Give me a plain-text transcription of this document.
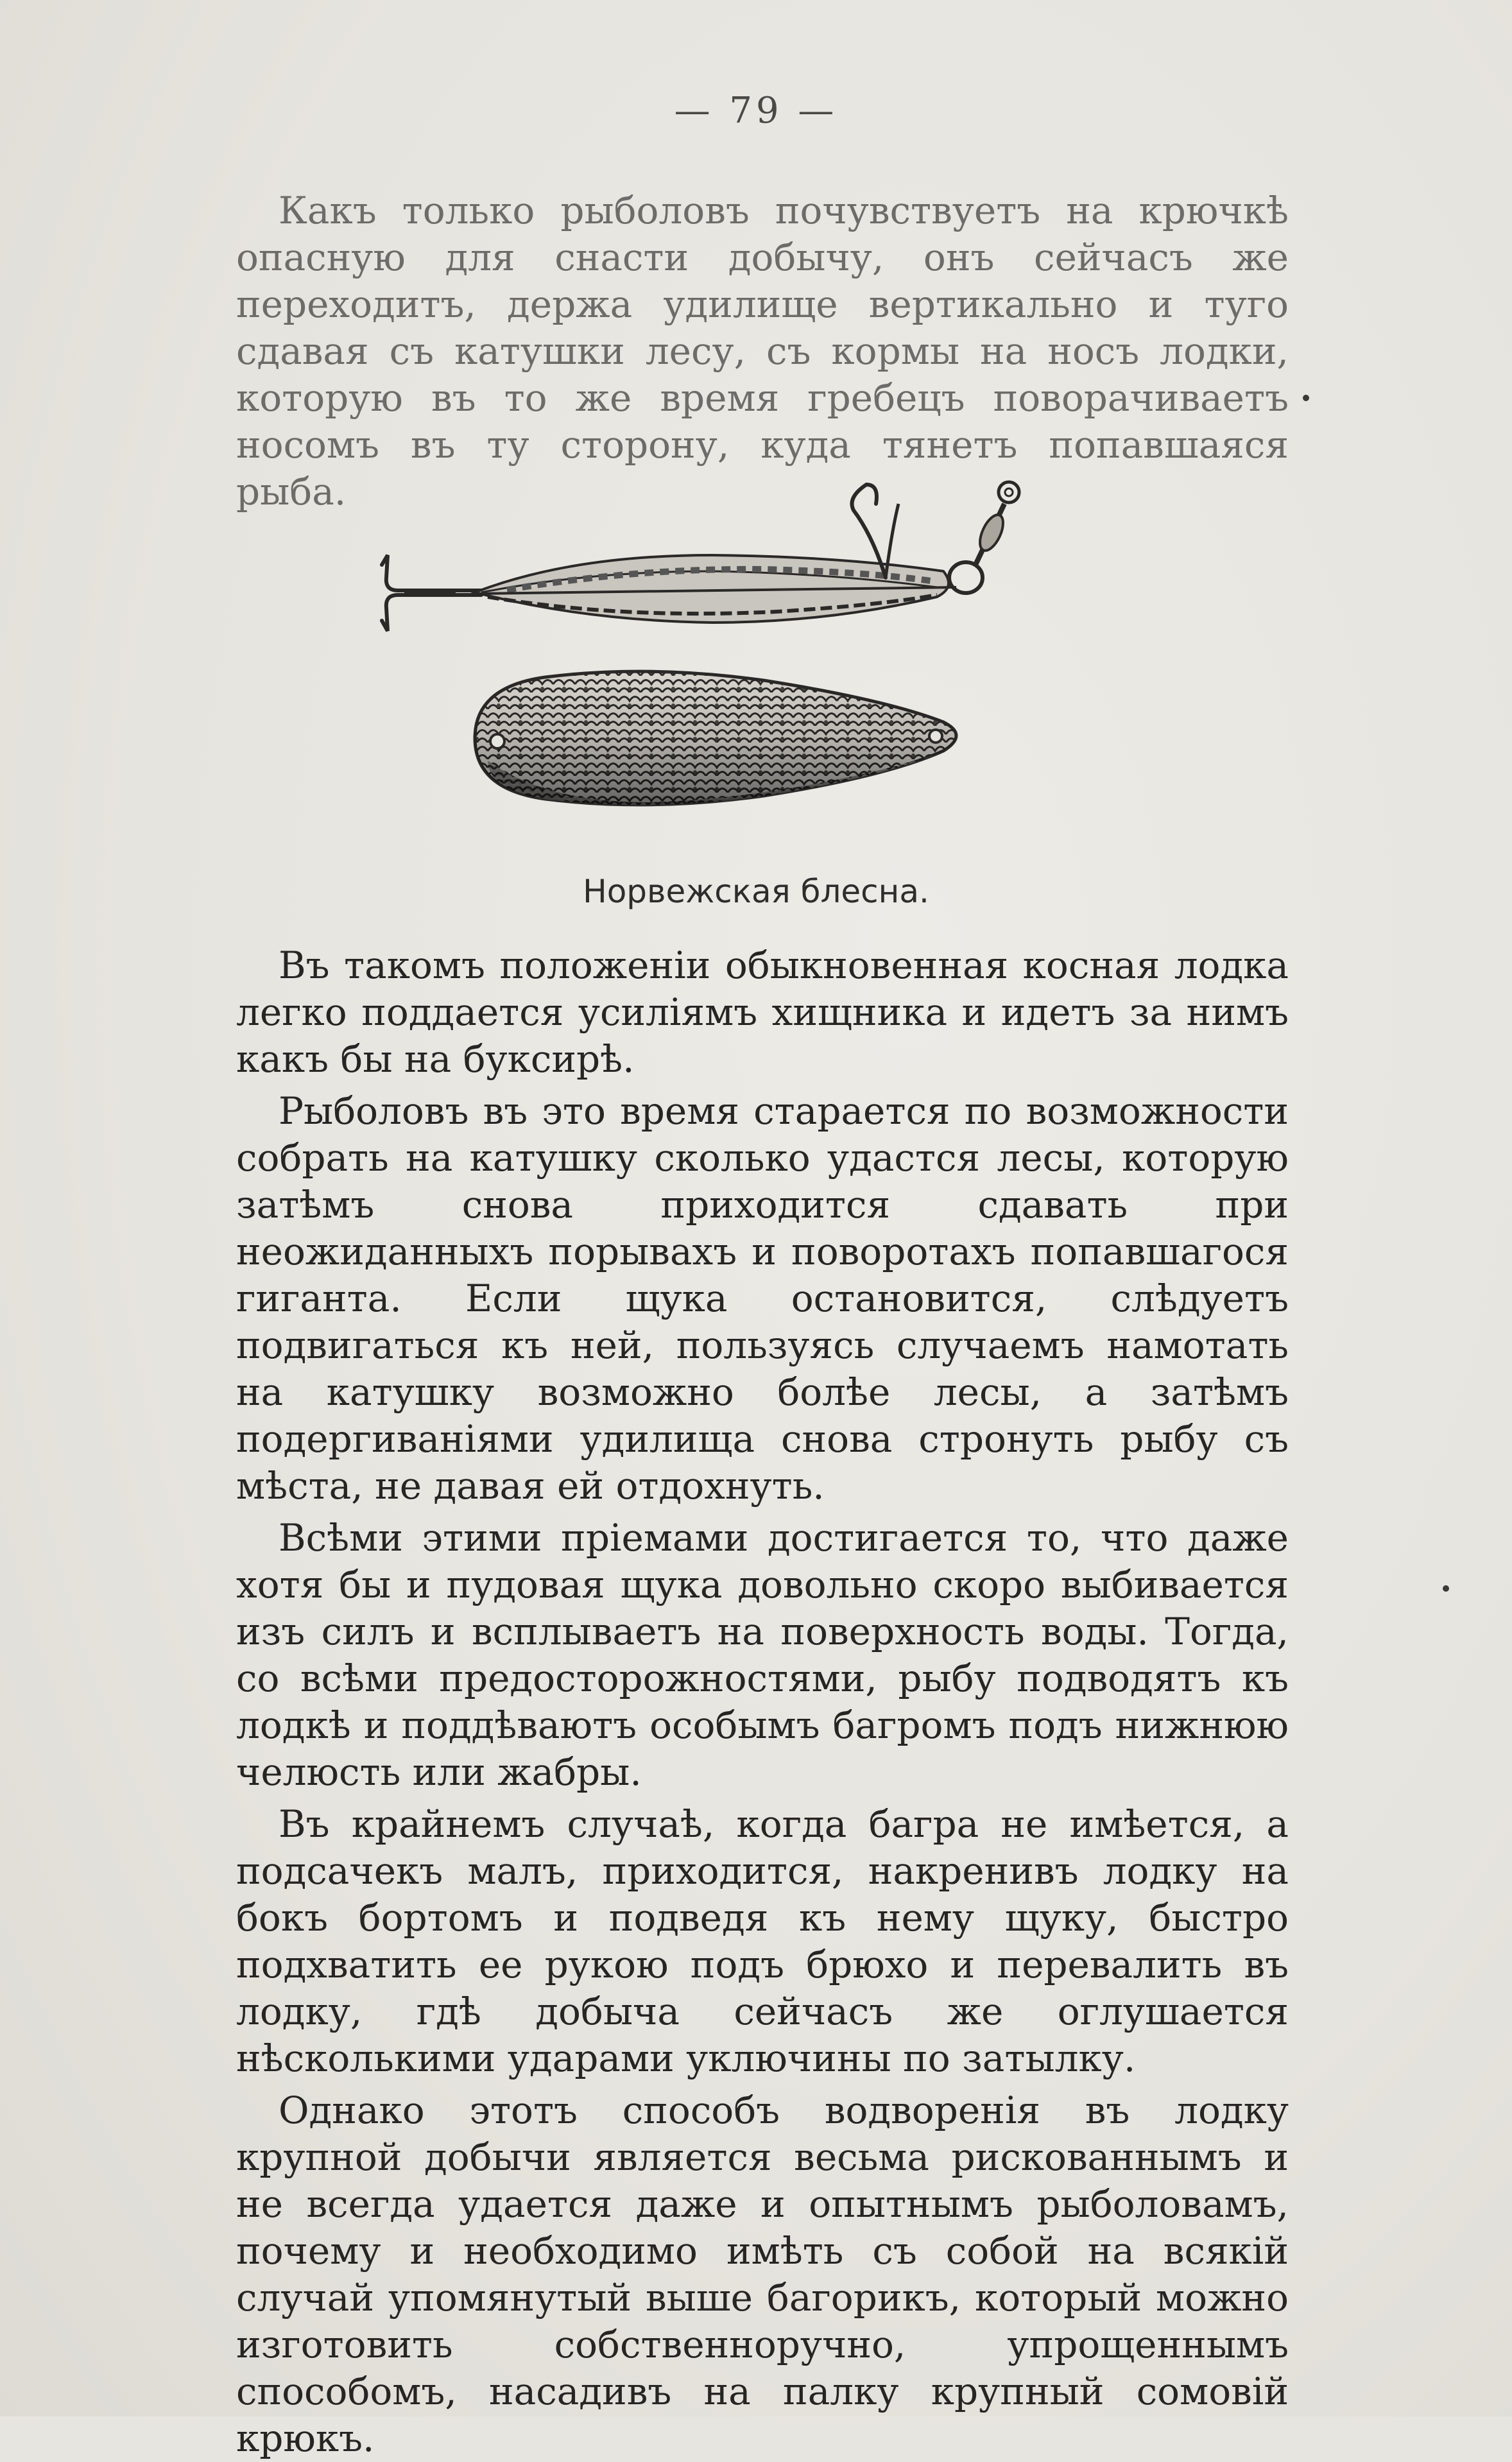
— 79 —

Какъ только рыболовъ почувствуетъ на крючкѣ опасную для снасти добычу, онъ сейчасъ же переходитъ, держа удилище вертикально и туго сдавая съ катушки лесу, съ кормы на носъ лодки, которую въ то же время гребецъ поворачиваетъ носомъ въ ту сторону, куда тянетъ попавшаяся рыба.

Норвежская блесна.

Въ такомъ положенiи обыкновенная косная лодка легко поддается усилiямъ хищника и идетъ за нимъ какъ бы на буксирѣ.

Рыболовъ въ это время старается по возможности собрать на катушку сколько удастся лесы, которую затѣмъ снова приходится сдавать при неожиданныхъ порывахъ и поворотахъ попавшагося гиганта. Если щука остановится, слѣдуетъ подвигаться къ ней, пользуясь случаемъ намотать на катушку возможно болѣе лесы, а затѣмъ подергиванiями удилища снова стронуть рыбу съ мѣста, не давая ей отдохнуть.

Всѣми этими прiемами достигается то, что даже хотя бы и пудовая щука довольно скоро выбивается изъ силъ и всплываетъ на поверхность воды. Тогда, со всѣми предосторожностями, рыбу подводятъ къ лодкѣ и поддѣваютъ особымъ багромъ подъ нижнюю челюсть или жабры.

Въ крайнемъ случаѣ, когда багра не имѣется, а подсачекъ малъ, приходится, накренивъ лодку на бокъ бортомъ и подведя къ нему щуку, быстро подхватить ее рукою подъ брюхо и перевалить въ лодку, гдѣ добыча сейчасъ же оглушается нѣсколькими ударами уключины по затылку.

Однако этотъ способъ водворенiя въ лодку крупной добычи является весьма рискованнымъ и не всегда удается даже и опытнымъ рыболовамъ, почему и необходимо имѣть съ собой на всякiй случай упомянутый выше багорикъ, который можно изготовить собственноручно, упрощеннымъ способомъ, насадивъ на палку крупный сомовiй крюкъ.
